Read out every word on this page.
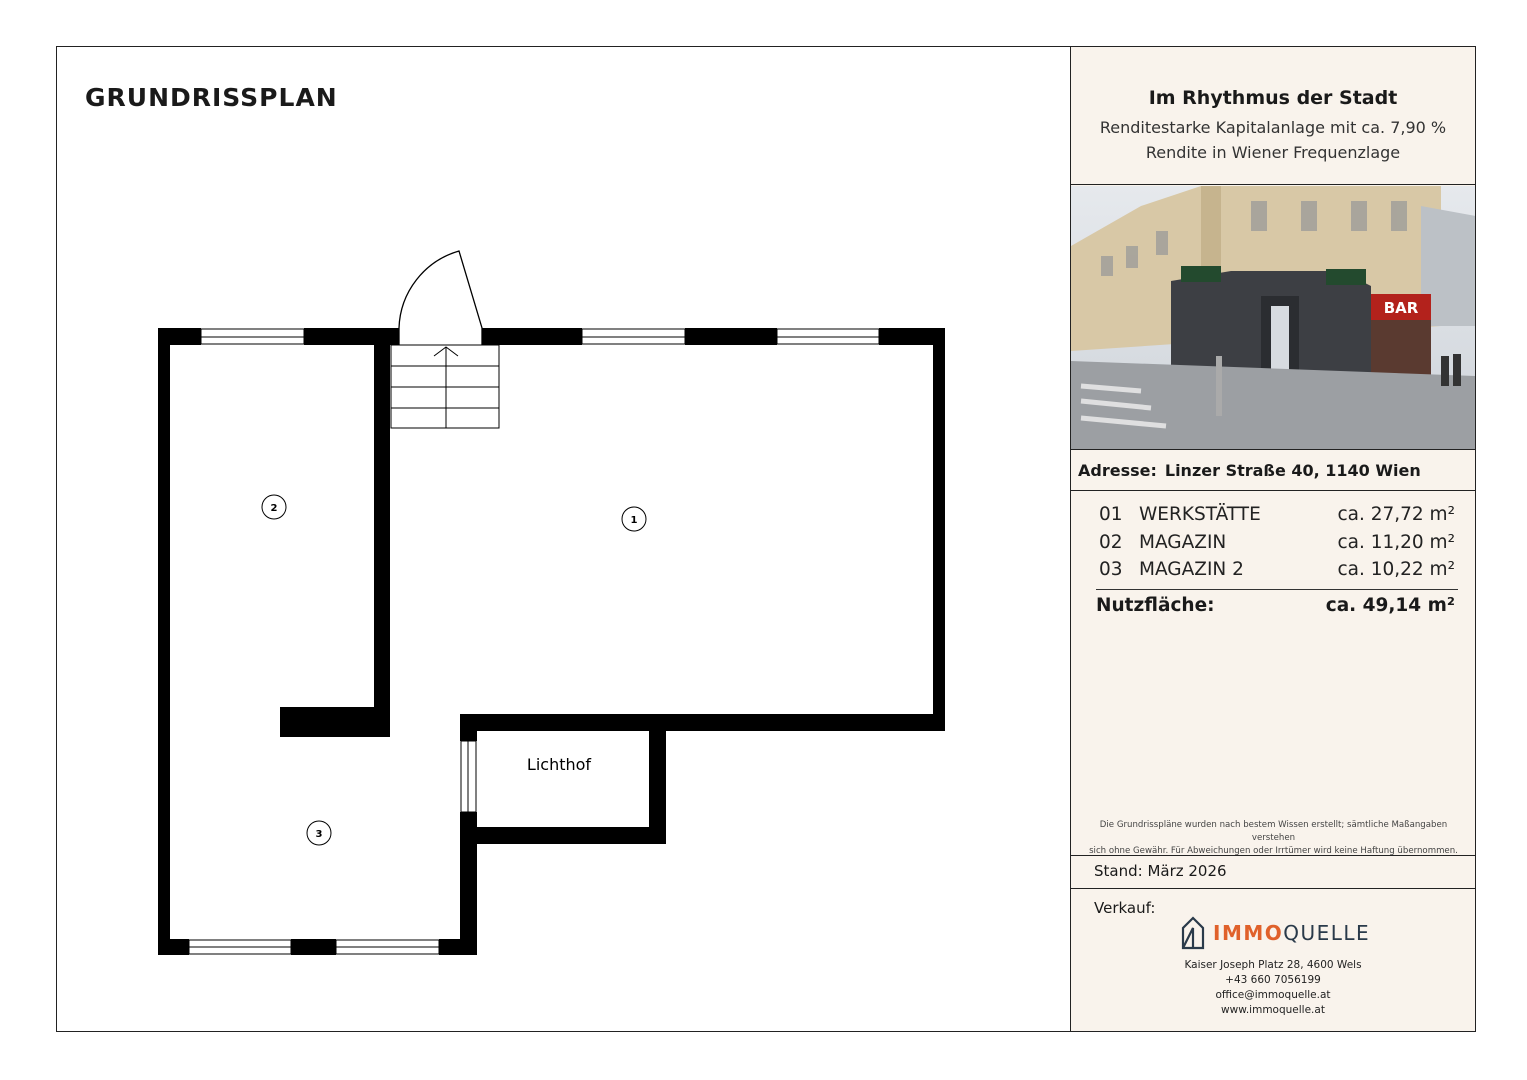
GRUNDRISSPLAN
1
2
3
Lichthof
Im Rhythmus der Stadt
Renditestarke Kapitalanlage mit ca. 7,90 %
Rendite in Wiener Frequenzlage
BAR
Adresse: Linzer Straße 40, 1140 Wien
01 WERKSTÄTTE	ca. 27,72 m²
02 MAGAZIN	ca. 11,20 m²
03 MAGAZIN 2	ca. 10,22 m²
Nutzfläche:	ca. 49,14 m²
Die Grundrisspläne wurden nach bestem Wissen erstellt; sämtliche Maßangaben verstehen
sich ohne Gewähr. Für Abweichungen oder Irrtümer wird keine Haftung übernommen.
Stand: März 2026
Verkauf:
IMMOQUELLE
Kaiser Joseph Platz 28, 4600 Wels
+43 660 7056199
office@immoquelle.at
www.immoquelle.at
